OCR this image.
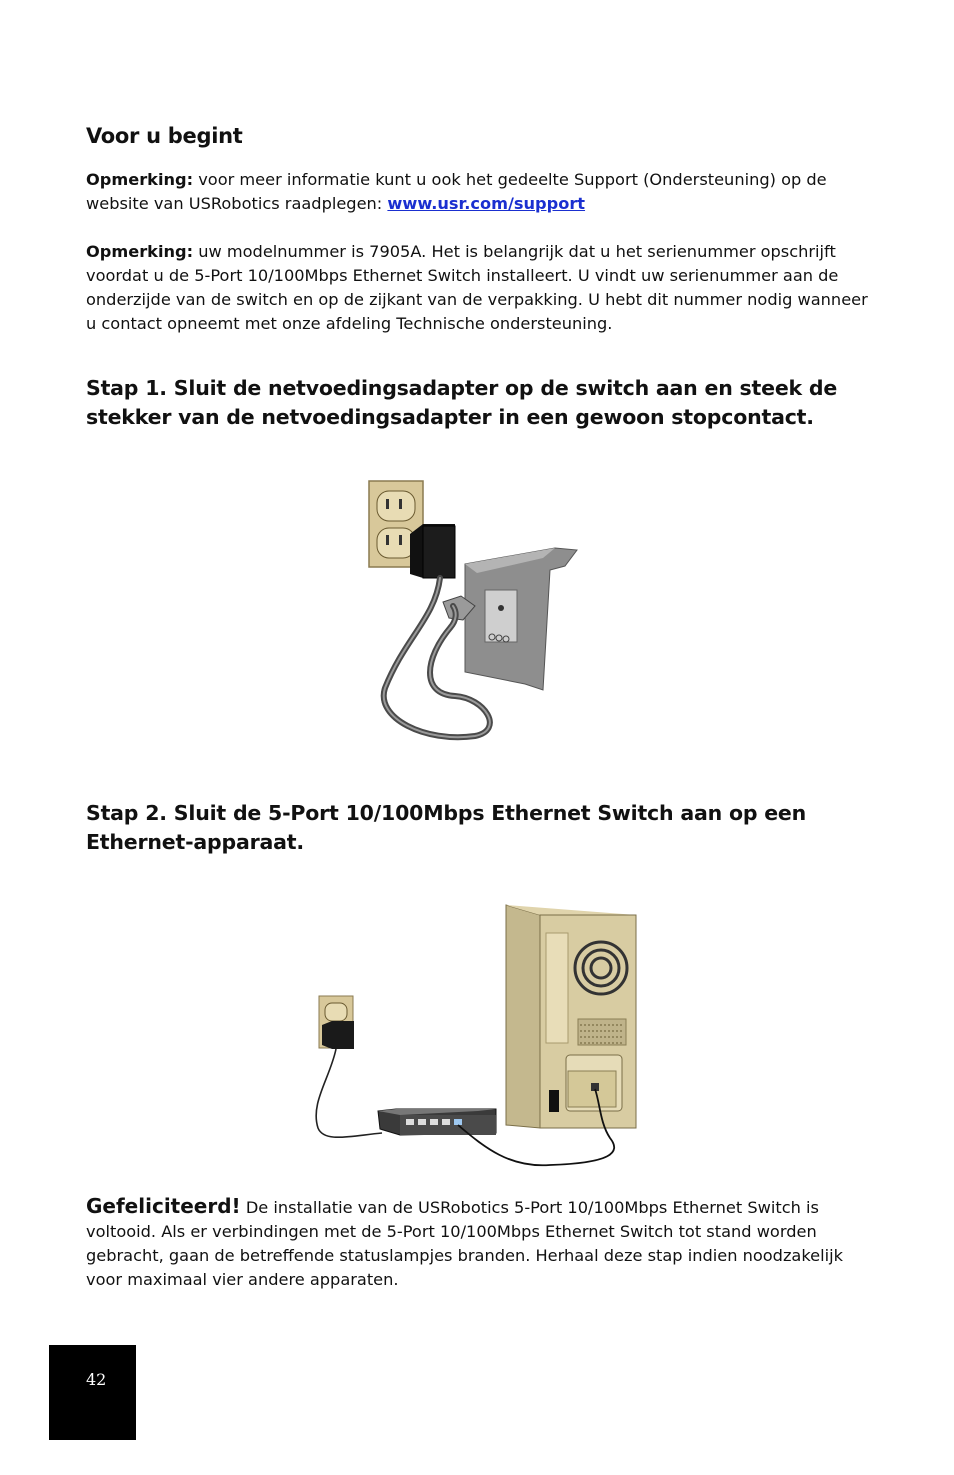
Voor u begint

Opmerking: voor meer informatie kunt u ook het gedeelte Support (Ondersteuning) op de website van USRobotics raadplegen: www.usr.com/support

Opmerking: uw modelnummer is 7905A. Het is belangrijk dat u het serienummer opschrijft voordat u de 5-Port 10/100Mbps Ethernet Switch installeert. U vindt uw serienummer aan de onderzijde van de switch en op de zijkant van de verpakking. U hebt dit nummer nodig wanneer u contact opneemt met onze afdeling Technische ondersteuning.

Stap 1. Sluit de netvoedingsadapter op de switch aan en steek de stekker van de netvoedingsadapter in een gewoon stopcontact.
Stap 2. Sluit de 5-Port 10/100Mbps Ethernet Switch aan op een Ethernet-apparaat.

Gefeliciteerd! De installatie van de USRobotics 5-Port 10/100Mbps Ethernet Switch is voltooid. Als er verbindingen met de 5-Port 10/100Mbps Ethernet Switch tot stand worden gebracht, gaan de betreffende statuslampjes branden. Herhaal deze stap indien noodzakelijk voor maximaal vier andere apparaten.

42
